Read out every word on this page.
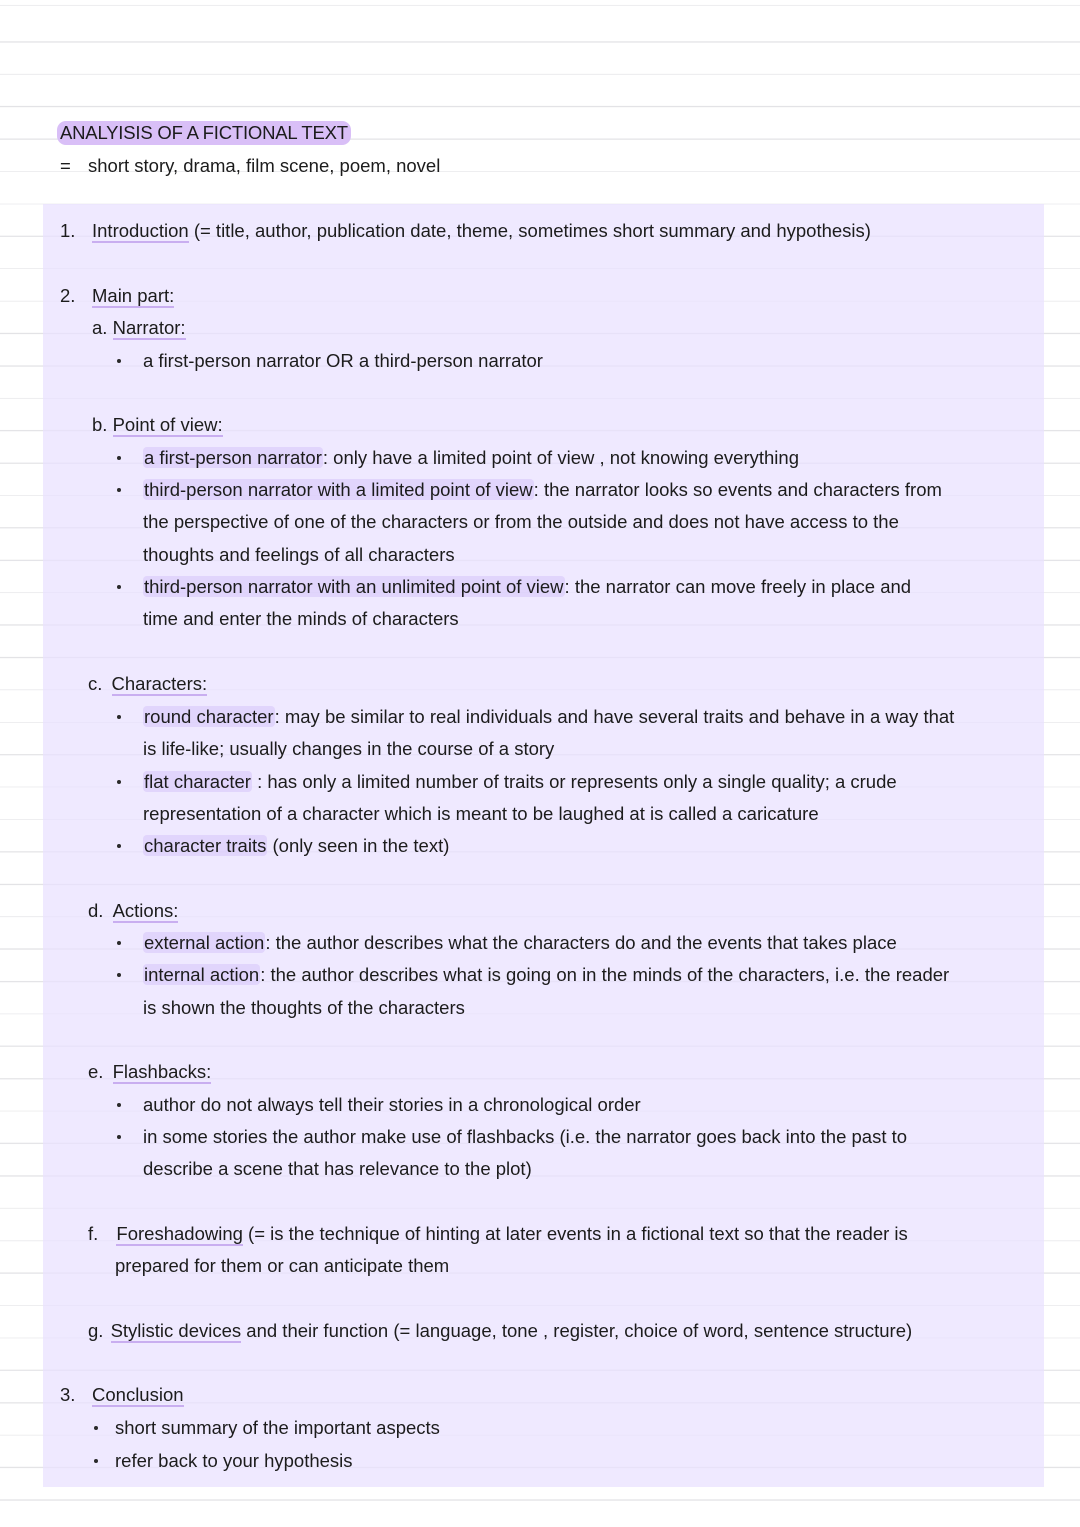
ANALYISIS OF A FICTIONAL TEXT
= short story, drama, film scene, poem, novel
1. Introduction (= title, author, publication date, theme, sometimes short summary and hypothesis)
2. Main part:
a. Narrator:
a first-person narrator OR a third-person narrator
b. Point of view:
a first-person narrator: only have a limited point of view , not knowing everything
third-person narrator with a limited point of view: the narrator looks so events and characters from
the perspective of one of the characters or from the outside and does not have access to the
thoughts and feelings of all characters
third-person narrator with an unlimited point of view: the narrator can move freely in place and
time and enter the minds of characters
c. Characters:
round character: may be similar to real individuals and have several traits and behave in a way that
is life-like; usually changes in the course of a story
flat character : has only a limited number of traits or represents only a single quality; a crude
representation of a character which is meant to be laughed at is called a caricature
character traits (only seen in the text)
d. Actions:
external action: the author describes what the characters do and the events that takes place
internal action: the author describes what is going on in the minds of the characters, i.e. the reader
is shown the thoughts of the characters
e. Flashbacks:
author do not always tell their stories in a chronological order
in some stories the author make use of flashbacks (i.e. the narrator goes back into the past to
describe a scene that has relevance to the plot)
f. Foreshadowing (= is the technique of hinting at later events in a fictional text so that the reader is
prepared for them or can anticipate them
g. Stylistic devices and their function (= language, tone , register, choice of word, sentence structure)
3. Conclusion
short summary of the important aspects
refer back to your hypothesis
